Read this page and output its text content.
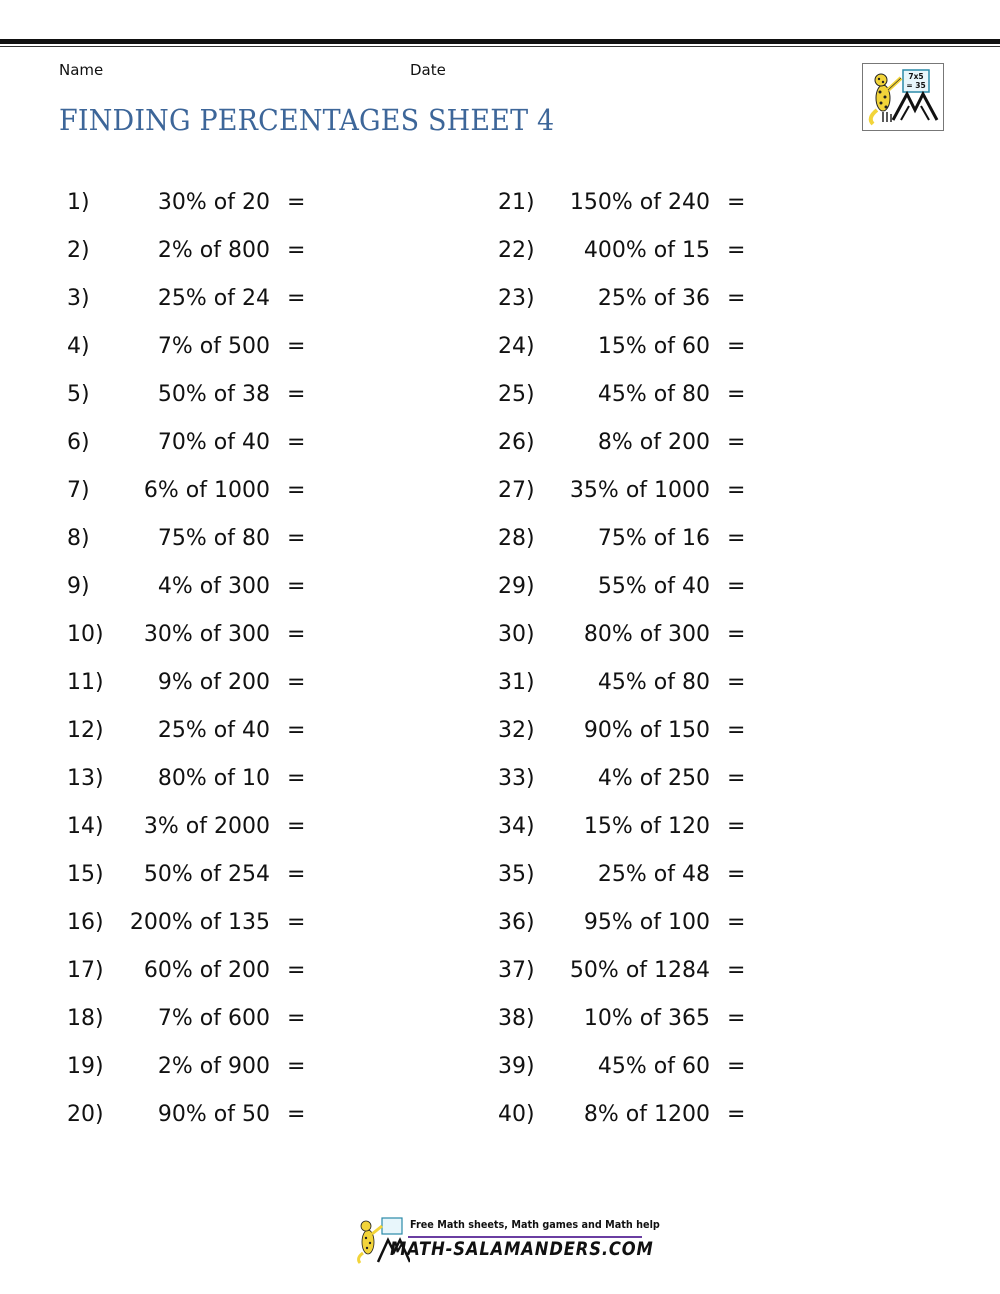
Name	Date
FINDING PERCENTAGES SHEET 4
7x5
= 35
1)	30% of 20 =
2)	2% of 800 =
3)	25% of 24 =
4)	7% of 500 =
5)	50% of 38 =
6)	70% of 40 =
7)	6% of 1000 =
8)	75% of 80 =
9)	4% of 300 =
10)	30% of 300 =
11)	9% of 200 =
12)	25% of 40 =
13)	80% of 10 =
14)	3% of 2000 =
15)	50% of 254 =
16)	200% of 135 =
17)	60% of 200 =
18)	7% of 600 =
19)	2% of 900 =
20)	90% of 50 =
21)	150% of 240 =
22)	400% of 15 =
23)	25% of 36 =
24)	15% of 60 =
25)	45% of 80 =
26)	8% of 200 =
27)	35% of 1000 =
28)	75% of 16 =
29)	55% of 40 =
30)	80% of 300 =
31)	45% of 80 =
32)	90% of 150 =
33)	4% of 250 =
34)	15% of 120 =
35)	25% of 48 =
36)	95% of 100 =
37)	50% of 1284 =
38)	10% of 365 =
39)	45% of 60 =
40)	8% of 1200 =
Free Math sheets, Math games and Math help
MATH-SALAMANDERS.COM
